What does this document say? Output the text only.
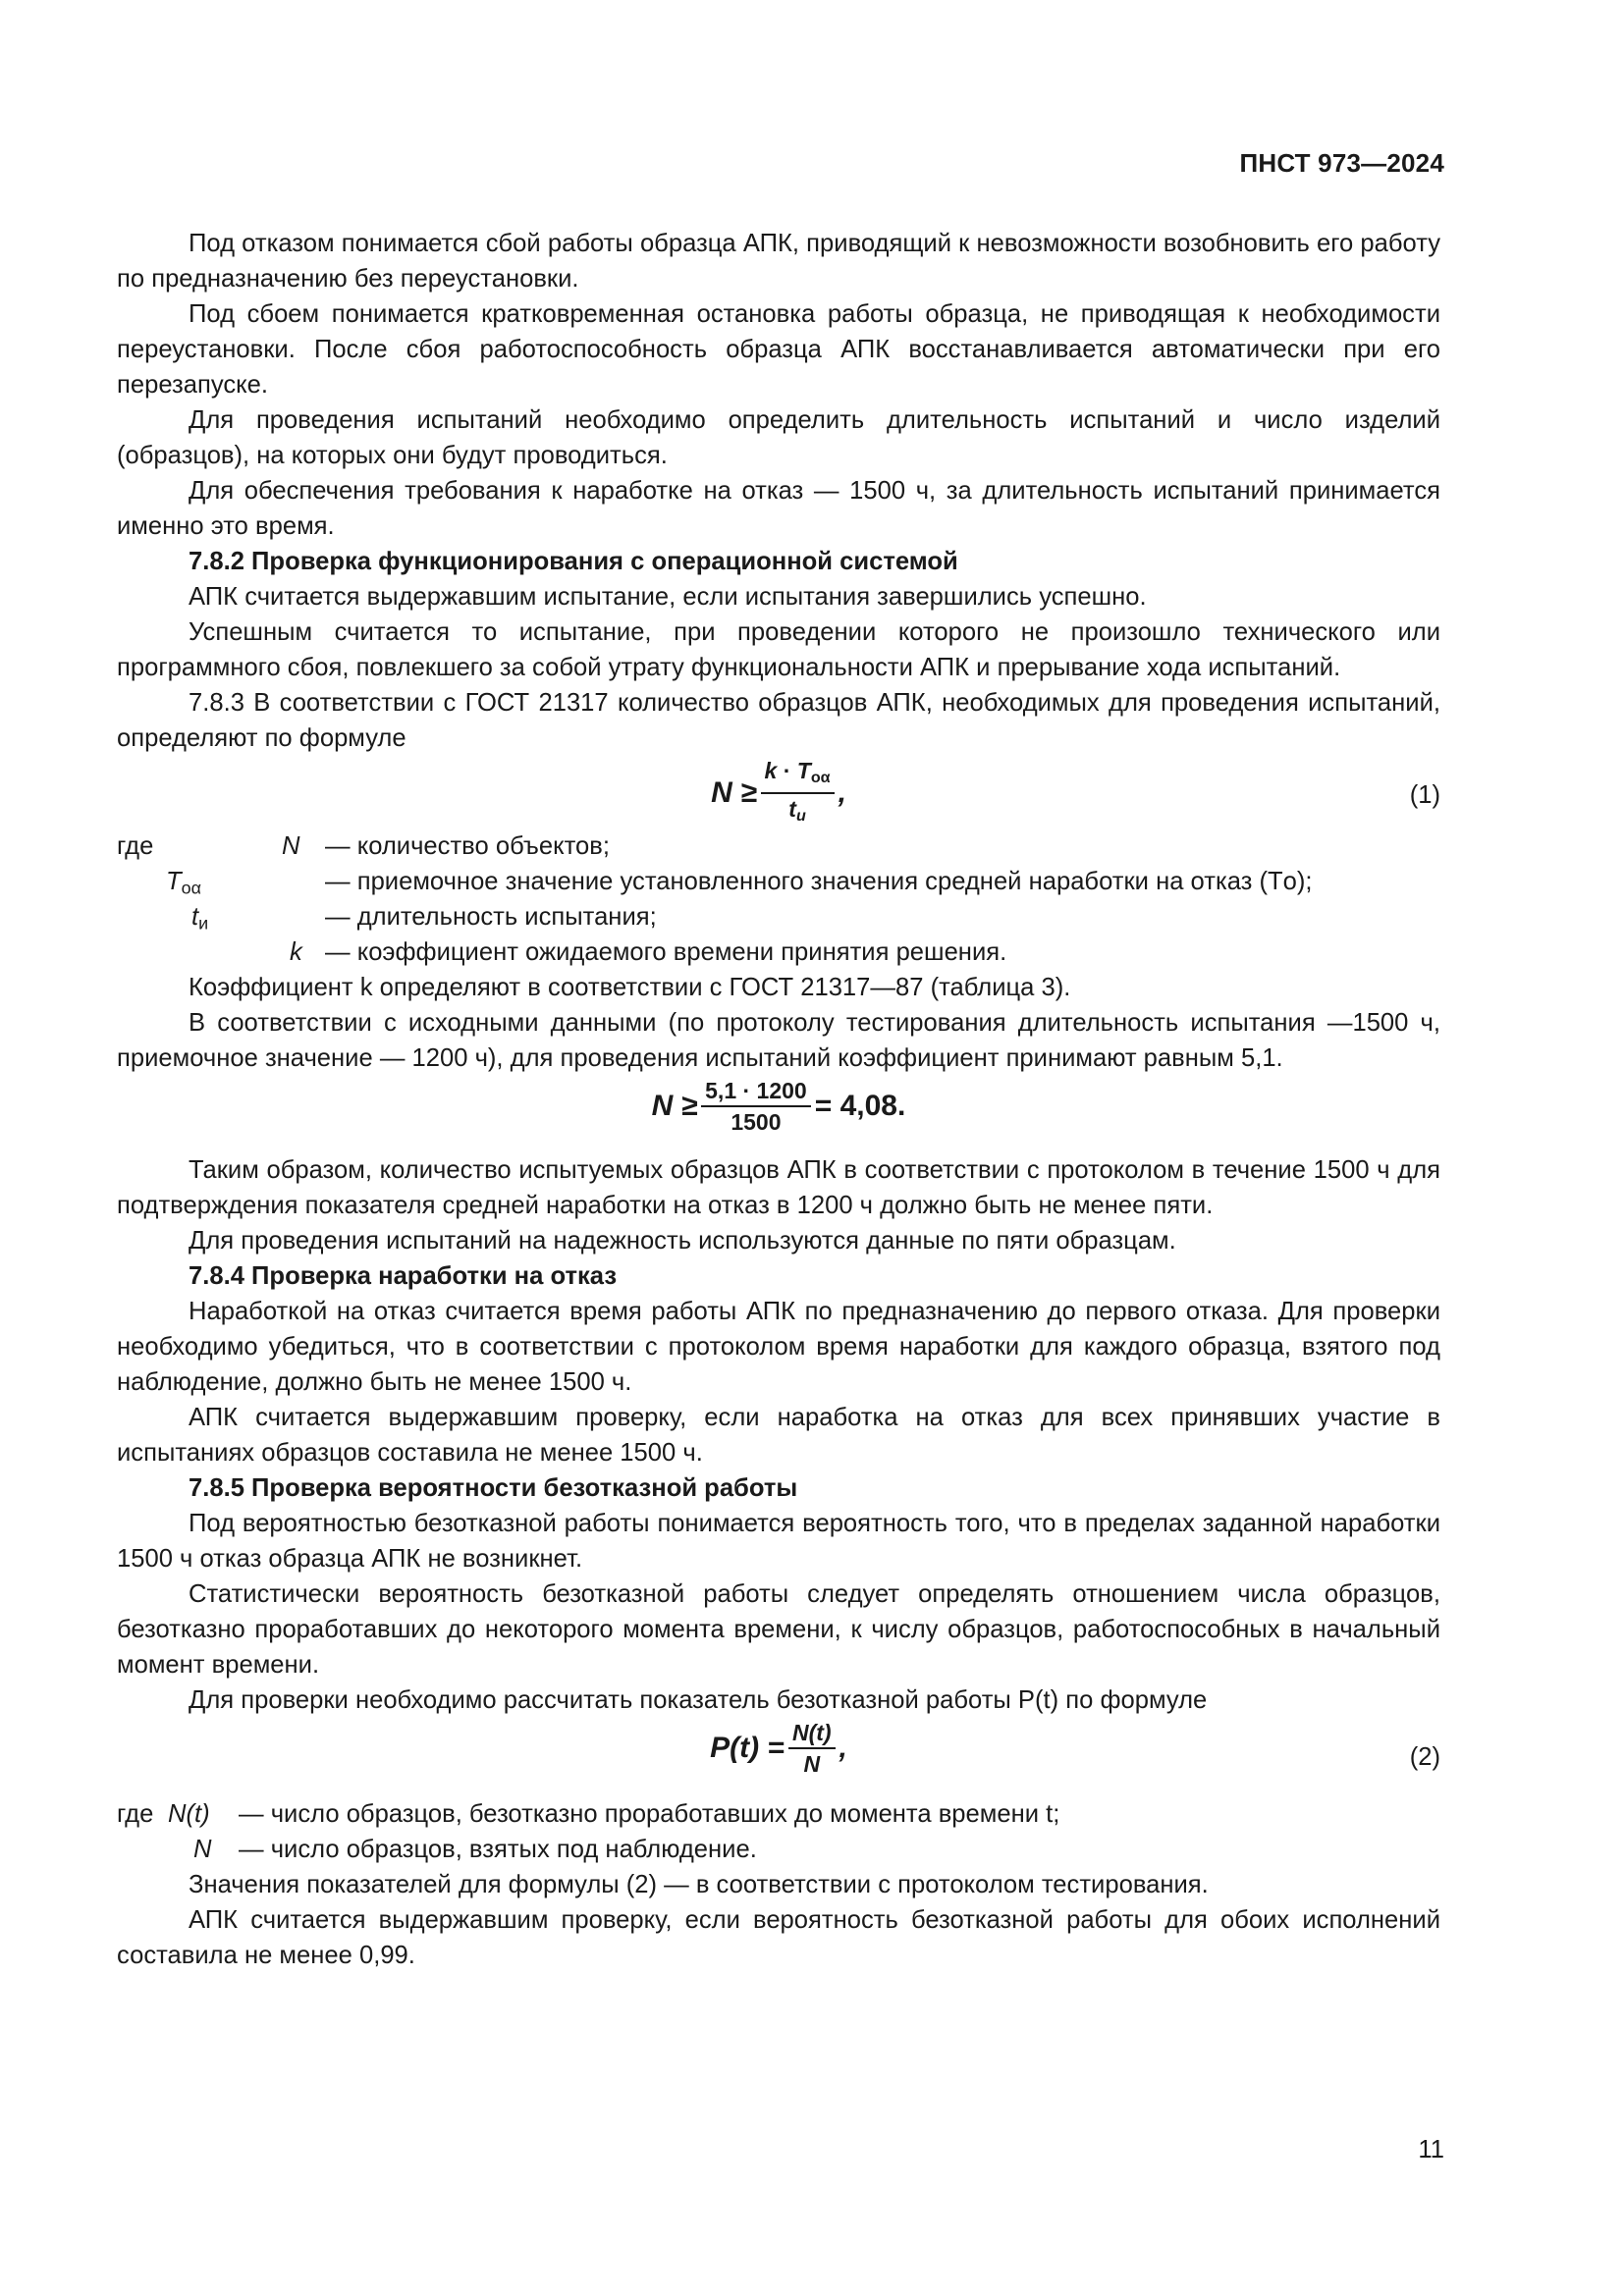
ПНСТ 973—2024

Под отказом понимается сбой работы образца АПК, приводящий к невозможности возобновить его работу по предназначению без переустановки.

Под сбоем понимается кратковременная остановка работы образца, не приводящая к необходимости переустановки. После сбоя работоспособность образца АПК восстанавливается автоматически при его перезапуске.

Для проведения испытаний необходимо определить длительность испытаний и число изделий (образцов), на которых они будут проводиться.

Для обеспечения требования к наработке на отказ — 1500 ч, за длительность испытаний принимается именно это время.

7.8.2 Проверка функционирования с операционной системой

АПК считается выдержавшим испытание, если испытания завершились успешно.

Успешным считается то испытание, при проведении которого не произошло технического или программного сбоя, повлекшего за собой утрату функциональности АПК и прерывание хода испытаний.

7.8.3 В соответствии с ГОСТ 21317 количество образцов АПК, необходимых для проведения испытаний, определяют по формуле

$N \ge \frac{k \cdot T_{о\alpha}}{t_и}$ ,	(1)
где	N — количество объектов;
$T_{о\alpha}$	— приемочное значение установленного значения средней наработки на отказ (Tо);
$t_и$	— длительность испытания;
k — коэффициент ожидаемого времени принятия решения.

Коэффициент k определяют в соответствии с ГОСТ 21317—87 (таблица 3).

В соответствии с исходными данными (по протоколу тестирования длительность испытания —1500 ч, приемочное значение — 1200 ч), для проведения испытаний коэффициент принимают равным 5,1.

$N \ge \frac{5,1 \cdot 1200}{1500} = 4,08$.

Таким образом, количество испытуемых образцов АПК в соответствии с протоколом в течение 1500 ч для подтверждения показателя средней наработки на отказ в 1200 ч должно быть не менее пяти.

Для проведения испытаний на надежность используются данные по пяти образцам.

7.8.4 Проверка наработки на отказ

Наработкой на отказ считается время работы АПК по предназначению до первого отказа. Для проверки необходимо убедиться, что в соответствии с протоколом время наработки для каждого образца, взятого под наблюдение, должно быть не менее 1500 ч.

АПК считается выдержавшим проверку, если наработка на отказ для всех принявших участие в испытаниях образцов составила не менее 1500 ч.

7.8.5 Проверка вероятности безотказной работы

Под вероятностью безотказной работы понимается вероятность того, что в пределах заданной наработки 1500 ч отказ образца АПК не возникнет.

Статистически вероятность безотказной работы следует определять отношением числа образцов, безотказно проработавших до некоторого момента времени, к числу образцов, работоспособных в начальный момент времени.

Для проверки необходимо рассчитать показатель безотказной работы P(t) по формуле

P $(t) = \frac{N(t)}{N}$ ,	(2)
где N(t) — число образцов, безотказно проработавших до момента времени t;
N — число образцов, взятых под наблюдение.

Значения показателей для формулы (2) — в соответствии с протоколом тестирования.

АПК считается выдержавшим проверку, если вероятность безотказной работы для обоих исполнений составила не менее 0,99.

11
